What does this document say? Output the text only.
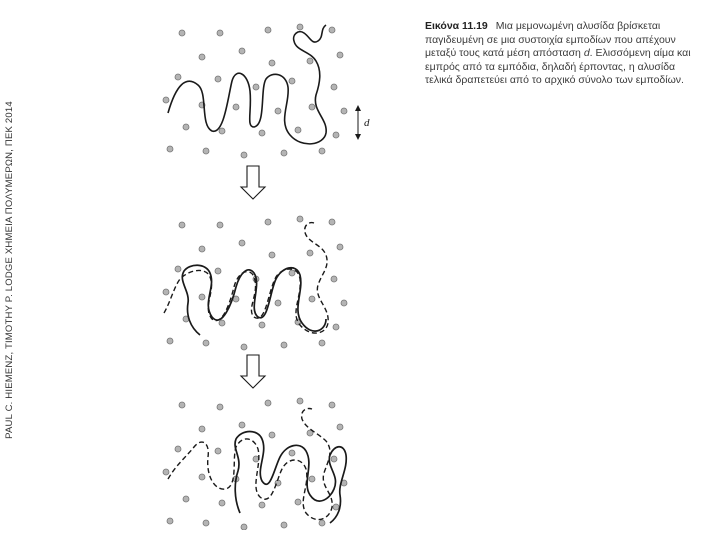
PAUL C. HIEMENZ, TIMOTHY P. LODGE ΧΗΜΕΙΑ ΠΟΛΥΜΕΡΩΝ, ΠΕΚ 2014	d
Εικόνα 11.19 Μια μεμονωμένη αλυσίδα βρίσκεται παγιδευμένη σε μια συστοιχία εμποδίων που απέχουν μεταξύ τους κατά μέση απόσταση d. Ελισσόμενη αίμα και εμπρός από τα εμπόδια, δηλαδή έρποντας, η αλυσίδα τελικά δραπετεύει από το αρχικό σύνολο των εμποδίων.
